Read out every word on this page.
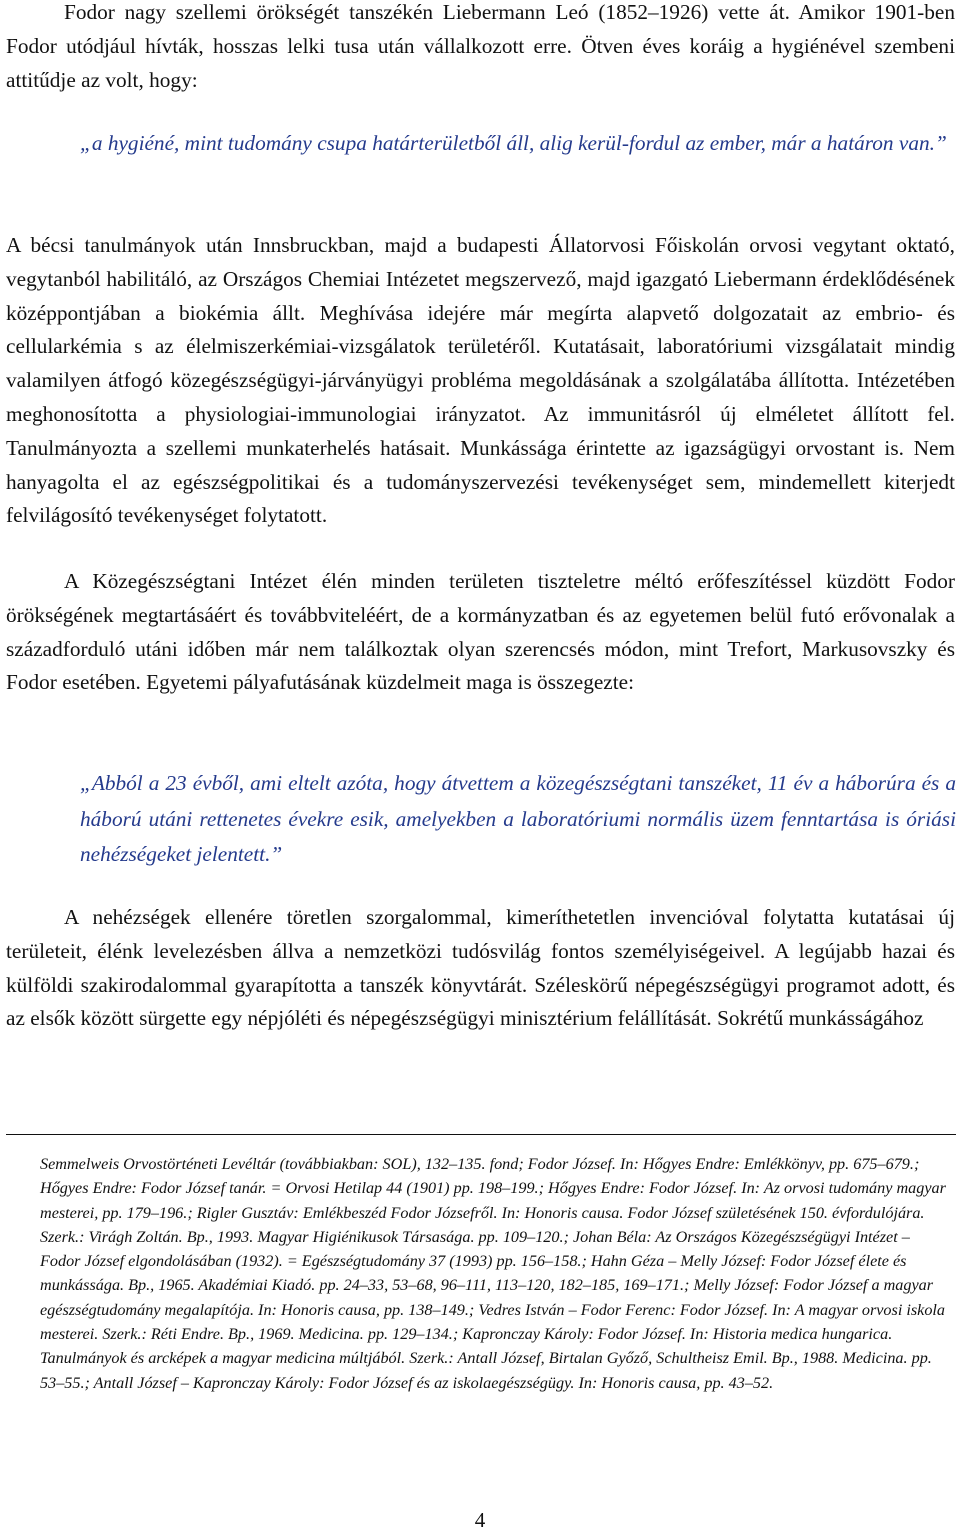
Fodor nagy szellemi örökségét tanszékén Liebermann Leó (1852–1926) vette át. Amikor 1901-ben Fodor utódjául hívták, hosszas lelki tusa után vállalkozott erre. Ötven éves koráig a hygiénével szembeni attitűdje az volt, hogy:

„a hygiéné, mint tudomány csupa határterületből áll, alig kerül-fordul az ember, már a határon van.”

A bécsi tanulmányok után Innsbruckban, majd a budapesti Állatorvosi Főiskolán orvosi vegytant oktató, vegytanból habilitáló, az Országos Chemiai Intézetet megszervező, majd igazgató Liebermann érdeklődésének középpontjában a biokémia állt. Meghívása idejére már megírta alapvető dolgozatait az embrio- és cellularkémia s az élelmiszerkémiai-vizsgálatok területéről. Kutatásait, laboratóriumi vizsgálatait mindig valamilyen átfogó közegészségügyi-járványügyi probléma megoldásának a szolgálatába állította. Intézetében meghonosította a physiologiai-immunologiai irányzatot. Az immunitásról új elméletet állított fel. Tanulmányozta a szellemi munkaterhelés hatásait. Munkássága érintette az igazságügyi orvostant is. Nem hanyagolta el az egészségpolitikai és a tudományszervezési tevékenységet sem, mindemellett kiterjedt felvilágosító tevékenységet folytatott.

A Közegészségtani Intézet élén minden területen tiszteletre méltó erőfeszítéssel küzdött Fodor örökségének megtartásáért és továbbviteléért, de a kormányzatban és az egyetemen belül futó erővonalak a századforduló utáni időben már nem találkoztak olyan szerencsés módon, mint Trefort, Markusovszky és Fodor esetében. Egyetemi pályafutásának küzdelmeit maga is összegezte:

„Abból a 23 évből, ami eltelt azóta, hogy átvettem a közegészségtani tanszéket, 11 év a háborúra és a háború utáni rettenetes évekre esik, amelyekben a laboratóriumi normális üzem fenntartása is óriási nehézségeket jelentett.”

A nehézségek ellenére töretlen szorgalommal, kimeríthetetlen invencióval folytatta kutatásai új területeit, élénk levelezésben állva a nemzetközi tudósvilág fontos személyiségeivel. A legújabb hazai és külföldi szakirodalommal gyarapította a tanszék könyvtárát. Széleskörű népegészségügyi programot adott, és az elsők között sürgette egy népjóléti és népegészségügyi minisztérium felállítását. Sokrétű munkásságához

Semmelweis Orvostörténeti Levéltár (továbbiakban: SOL), 132–135. fond; Fodor József. In: Hőgyes Endre: Emlékkönyv, pp. 675–679.; Hőgyes Endre: Fodor József tanár. = Orvosi Hetilap 44 (1901) pp. 198–199.; Hőgyes Endre: Fodor József. In: Az orvosi tudomány magyar mesterei, pp. 179–196.; Rigler Gusztáv: Emlékbeszéd Fodor Józsefről. In: Honoris causa. Fodor József születésének 150. évfordulójára. Szerk.: Virágh Zoltán. Bp., 1993. Magyar Higiénikusok Társasága. pp. 109–120.; Johan Béla: Az Országos Közegészségügyi Intézet – Fodor József elgondolásában (1932). = Egészségtudomány 37 (1993) pp. 156–158.; Hahn Géza – Melly József: Fodor József élete és munkássága. Bp., 1965. Akadémiai Kiadó. pp. 24–33, 53–68, 96–111, 113–120, 182–185, 169–171.; Melly József: Fodor József a magyar egészségtudomány megalapítója. In: Honoris causa, pp. 138–149.; Vedres István – Fodor Ferenc: Fodor József. In: A magyar orvosi iskola mesterei. Szerk.: Réti Endre. Bp., 1969. Medicina. pp. 129–134.; Kapronczay Károly: Fodor József. In: Historia medica hungarica. Tanulmányok és arcképek a magyar medicina múltjából. Szerk.: Antall József, Birtalan Győző, Schultheisz Emil. Bp., 1988. Medicina. pp. 53–55.; Antall József – Kapronczay Károly: Fodor József és az iskolaegészségügy. In: Honoris causa, pp. 43–52.

4
